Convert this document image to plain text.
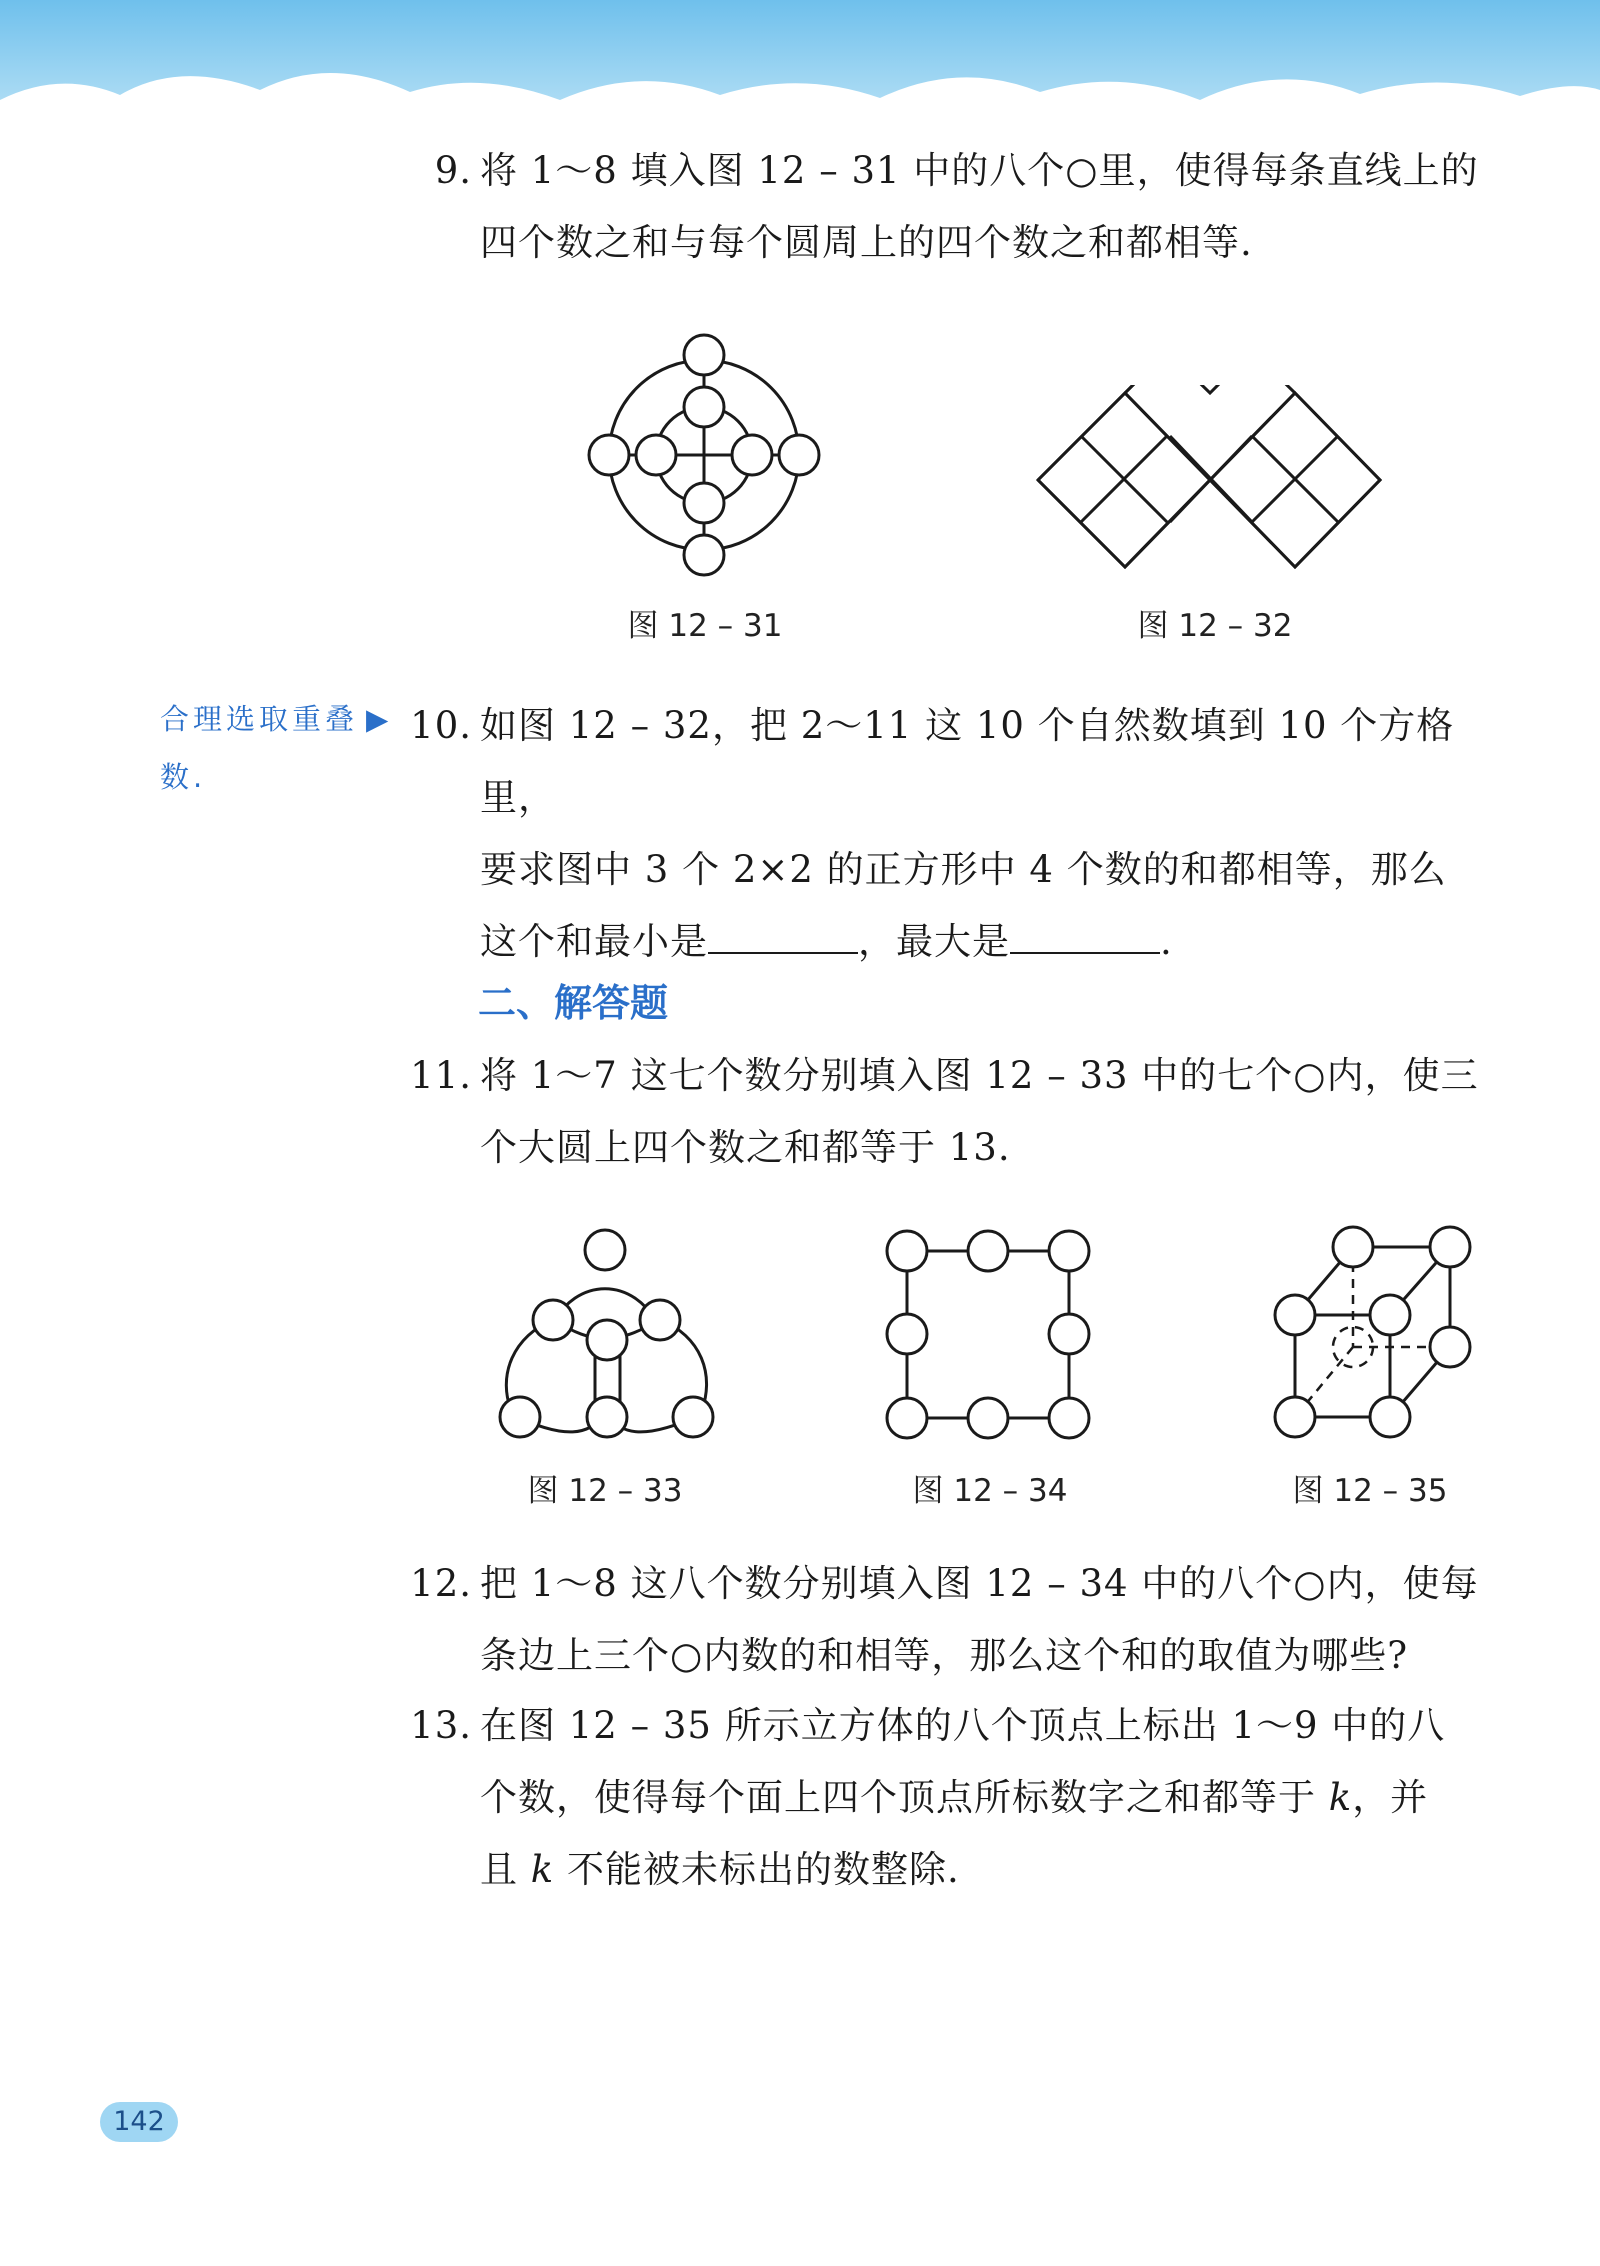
9. 将 1～8 填入图 12 – 31 中的八个○里，使得每条直线上的

四个数之和与每个圆周上的四个数之和都相等.

图 12 – 31	图 12 – 32
合理选取重叠 ▶
数.
10. 如图 12 – 32，把 2～11 这 10 个自然数填到 10 个方格里，

要求图中 3 个 2×2 的正方形中 4 个数的和都相等，那么

这个和最小是	，最大是	.

二、解答题
11. 将 1～7 这七个数分别填入图 12 – 33 中的七个○内，使三

个大圆上四个数之和都等于 13.

图 12 – 33	图 12 – 34	图 12 – 35
12. 把 1～8 这八个数分别填入图 12 – 34 中的八个○内，使每

条边上三个○内数的和相等，那么这个和的取值为哪些?

13. 在图 12 – 35 所示立方体的八个顶点上标出 1～9 中的八

个数，使得每个面上四个顶点所标数字之和都等于 k，并

且 k 不能被未标出的数整除.

142
